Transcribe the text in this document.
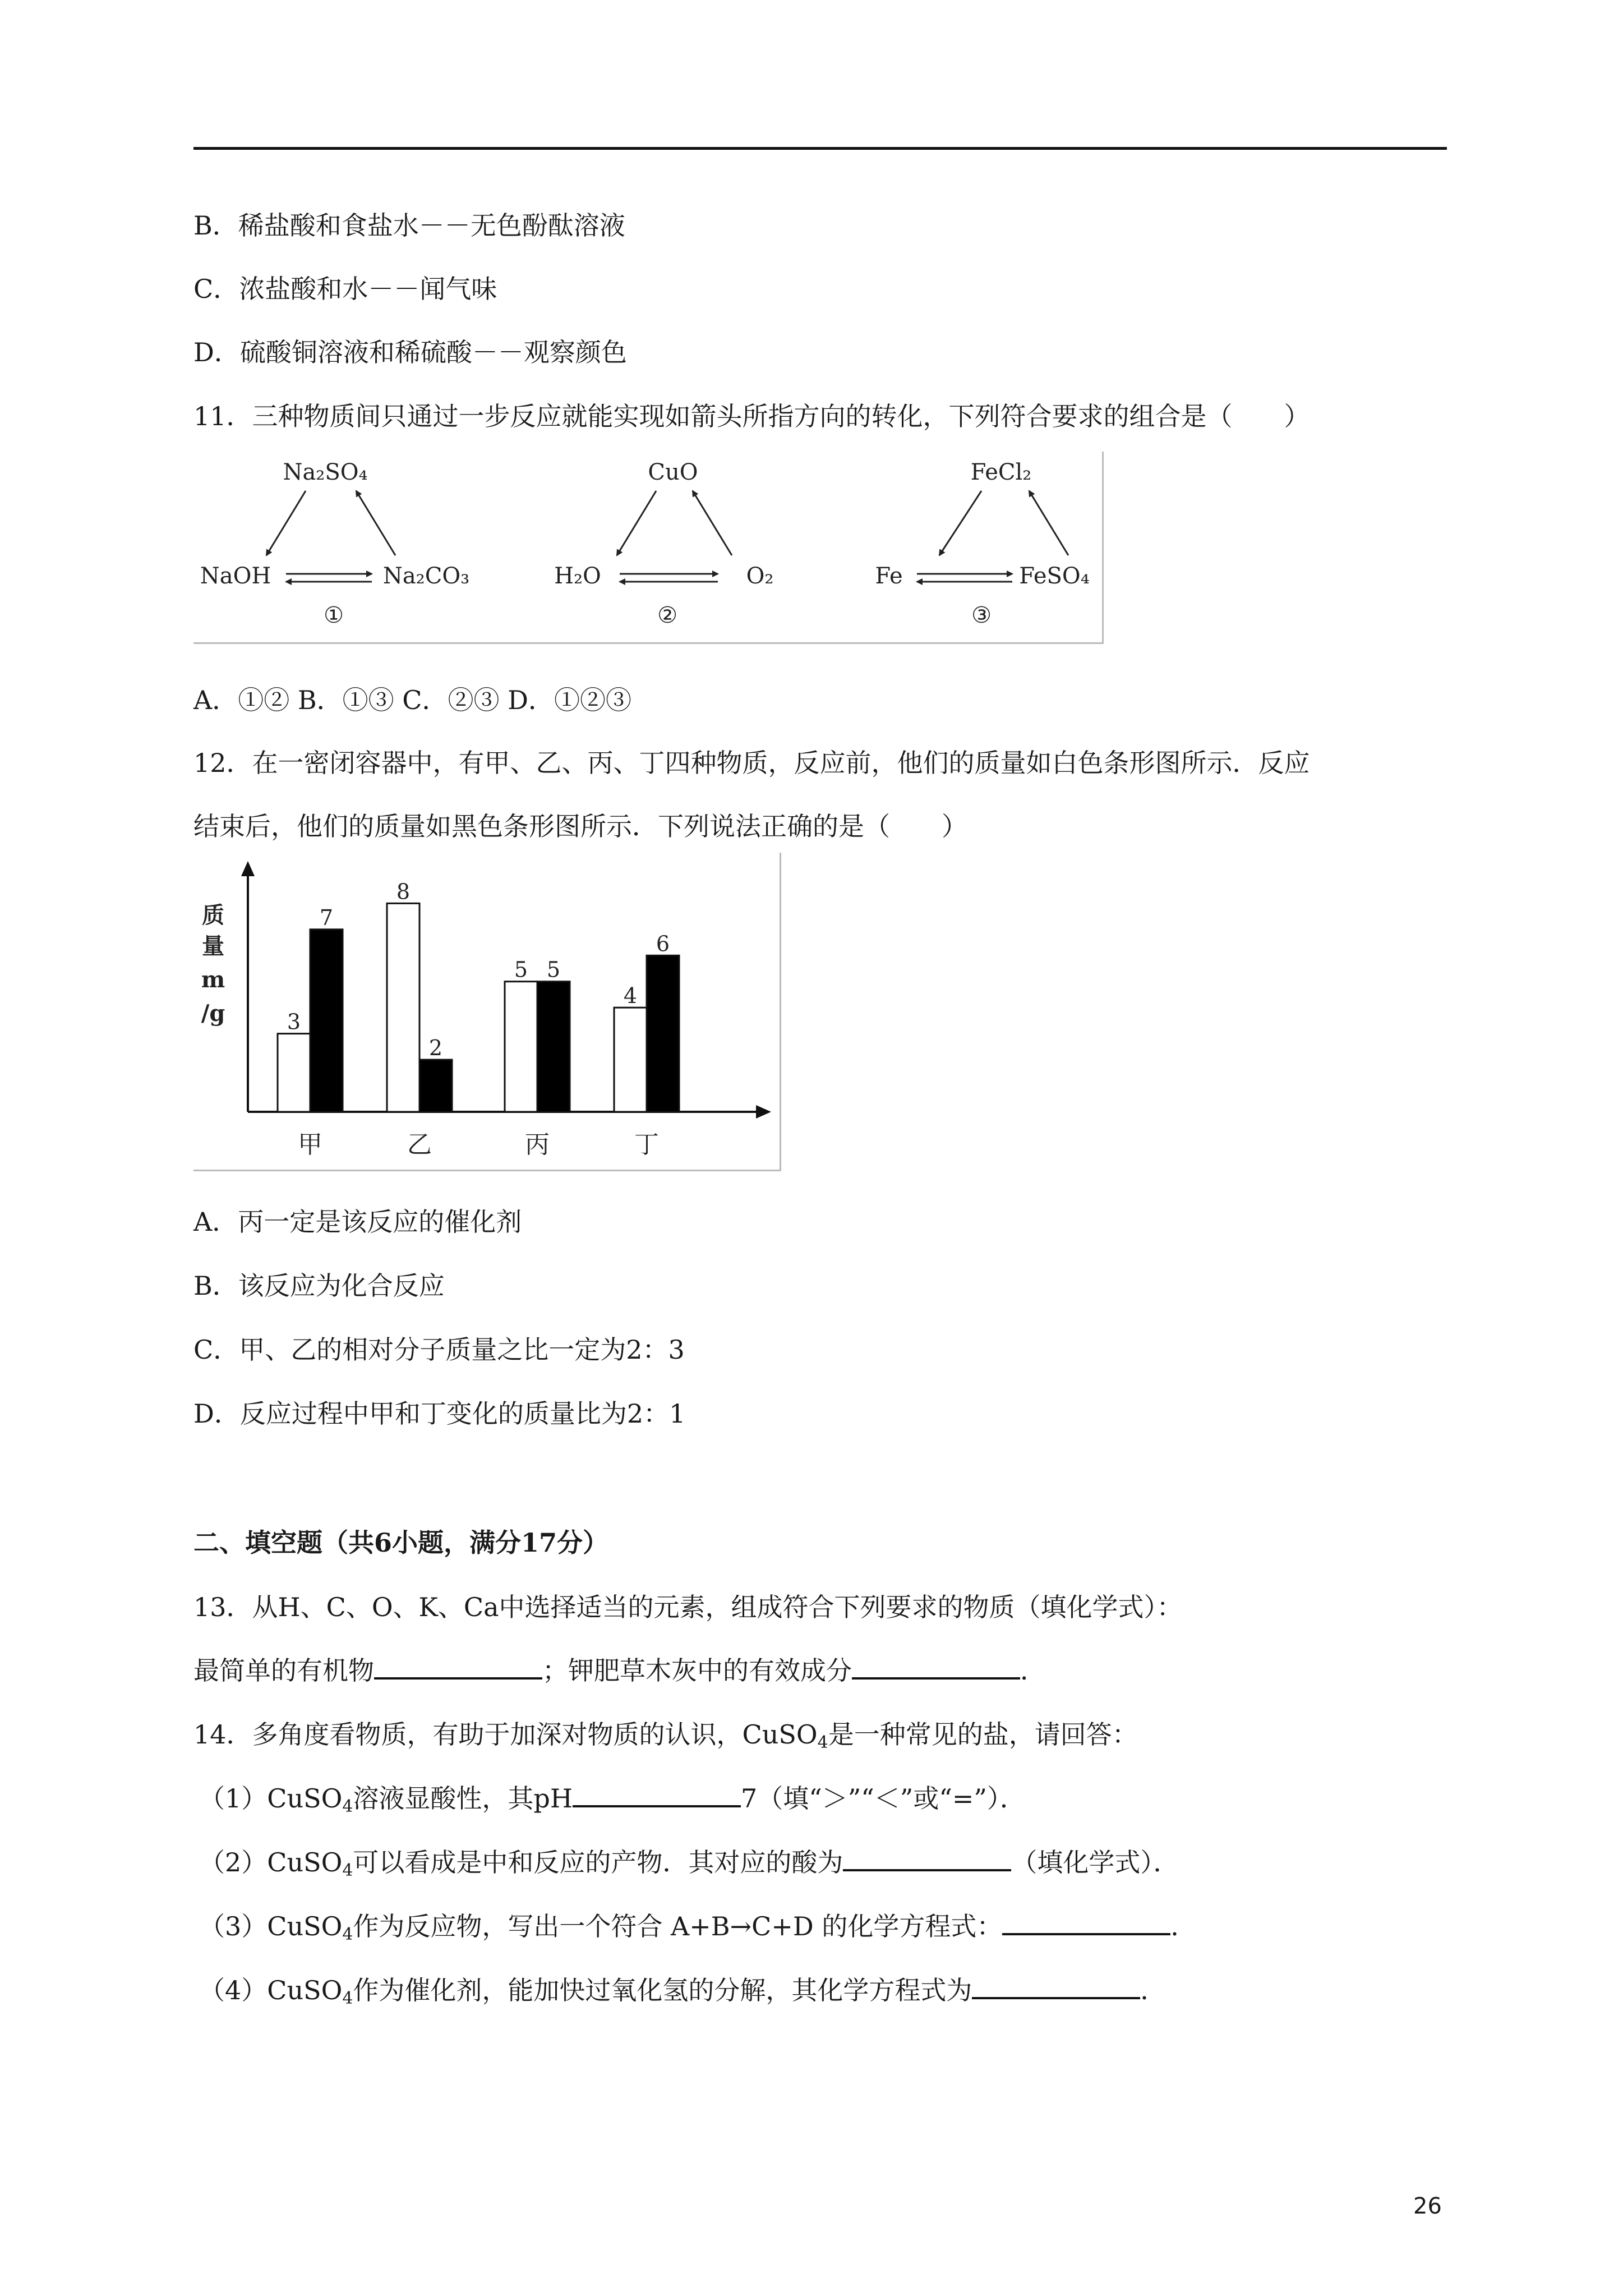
B．稀盐酸和食盐水－－无色酚酞溶液
C．浓盐酸和水－－闻气味
D．硫酸铜溶液和稀硫酸－－观察颜色
11．三种物质间只通过一步反应就能实现如箭头所指方向的转化，下列符合要求的组合是（　　）
Na₂SO₄
NaOH	Na₂CO₃
①
CuO
H₂O	O₂
②
FeCl₂
Fe	FeSO₄
③
A．①② B．①③ C．②③ D．①②③
12．在一密闭容器中，有甲、乙、丙、丁四种物质，反应前，他们的质量如白色条形图所示．反应
结束后，他们的质量如黑色条形图所示．下列说法正确的是（　　）
质
量
m
/g	3
7
8
2
5 5
4
6
甲	乙	丙	丁
A．丙一定是该反应的催化剂
B．该反应为化合反应
C．甲、乙的相对分子质量之比一定为2：3
D．反应过程中甲和丁变化的质量比为2：1
二、填空题（共6小题，满分17分）
13．从H、C、O、K、Ca中选择适当的元素，组成符合下列要求的物质（填化学式）：
最简单的有机物	；钾肥草木灰中的有效成分	．
14．多角度看物质，有助于加深对物质的认识，CuSO$_4$是一种常见的盐，请回答：
（1）CuSO$_4$溶液显酸性，其pH	7（填“＞”“＜”或“=”）．
（2）CuSO$_4$可以看成是中和反应的产物．其对应的酸为	（填化学式）．
（3）CuSO$_4$作为反应物，写出一个符合 A+B→C+D 的化学方程式：	．
（4）CuSO$_4$作为催化剂，能加快过氧化氢的分解，其化学方程式为	．
26
